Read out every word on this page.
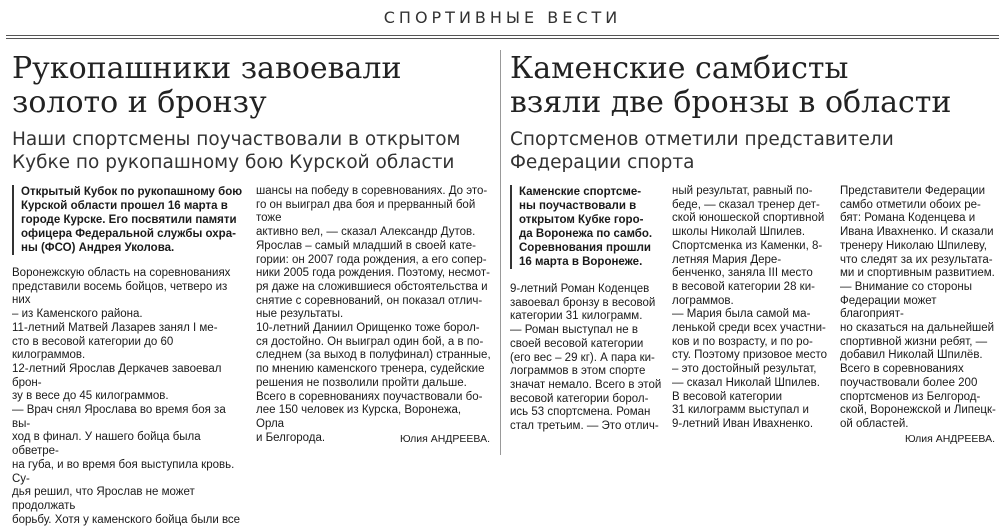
СПОРТИВНЫЕ ВЕСТИ
Рукопашники завоевали
золото и бронзу
Наши спортсмены поучаствовали в открытом
Кубке по рукопашному бою Курской области

Открытый Кубок по рукопашному бою
Курской области прошел 16 марта в
городе Курске. Его посвятили памяти
офицера Федеральной службы охра-
ны (ФСО) Андрея Уколова.

Воронежскую область на соревнованиях
представили восемь бойцов, четверо из них
– из Каменского района.
11-летний Матвей Лазарев занял I ме-
сто в весовой категории до 60 килограммов.
12-летний Ярослав Деркачев завоевал брон-
зу в весе до 45 килограммов.
— Врач снял Ярослава во время боя за вы-
ход в финал. У нашего бойца была обветре-
на губа, и во время боя выступила кровь. Су-
дья решил, что Ярослав не может продолжать
борьбу. Хотя у каменского бойца были все

шансы на победу в соревнованиях. До это-
го он выиграл два боя и прерванный бой тоже
активно вел, — сказал Александр Дутов.
Ярослав – самый младший в своей кате-
гории: он 2007 года рождения, а его сопер-
ники 2005 года рождения. Поэтому, несмот-
ря даже на сложившиеся обстоятельства и
снятие с соревнований, он показал отлич-
ные результаты.
10-летний Даниил Орищенко тоже борол-
ся достойно. Он выиграл один бой, а в по-
следнем (за выход в полуфинал) странные,
по мнению каменского тренера, судейские
решения не позволили пройти дальше.
Всего в соревнованиях поучаствовали бо-
лее 150 человек из Курска, Воронежа, Орла
и Белгорода.	Юлия АНДРЕЕВА.
Каменские самбисты
взяли две бронзы в области
Спортсменов отметили представители
Федерации спорта

Каменские спортсме-
ны поучаствовали в
открытом Кубке горо-
да Воронежа по самбо.
Соревнования прошли
16 марта в Воронеже.

9-летний Роман Коденцев
завоевал бронзу в весовой
категории 31 килограмм.
— Роман выступал не в
своей весовой категории
(его вес – 29 кг). А пара ки-
лограммов в этом спорте
значат немало. Всего в этой
весовой категории борол-
ись 53 спортсмена. Роман
стал третьим. — Это отлич-

ный результат, равный по-
беде, — сказал тренер дет-
ской юношеской спортивной
школы Николай Шпилев.
Спортсменка из Каменки, 8-летняя Мария Дере-
бенченко, заняла III место
в весовой категории 28 ки-
лограммов.
— Мария была самой ма-
ленькой среди всех участни-
ков и по возрасту, и по ро-
сту. Поэтому призовое место
– это достойный результат,
— сказал Николай Шпилев.
В весовой категории
31 килограмм выступал и
9-летний Иван Ивахненко.

Представители Федерации
самбо отметили обоих ре-
бят: Романа Коденцева и
Ивана Ивахненко. И сказали
тренеру Николаю Шпилеву,
что следят за их результата-
ми и спортивным развитием.
— Внимание со стороны
Федерации может благоприят-
но сказаться на дальнейшей
спортивной жизни ребят, —
добавил Николай Шпилёв.
Всего в соревнованиях
поучаствовали более 200
спортсменов из Белгород-
ской, Воронежской и Липецк-
ой областей.

Юлия АНДРЕЕВА.
